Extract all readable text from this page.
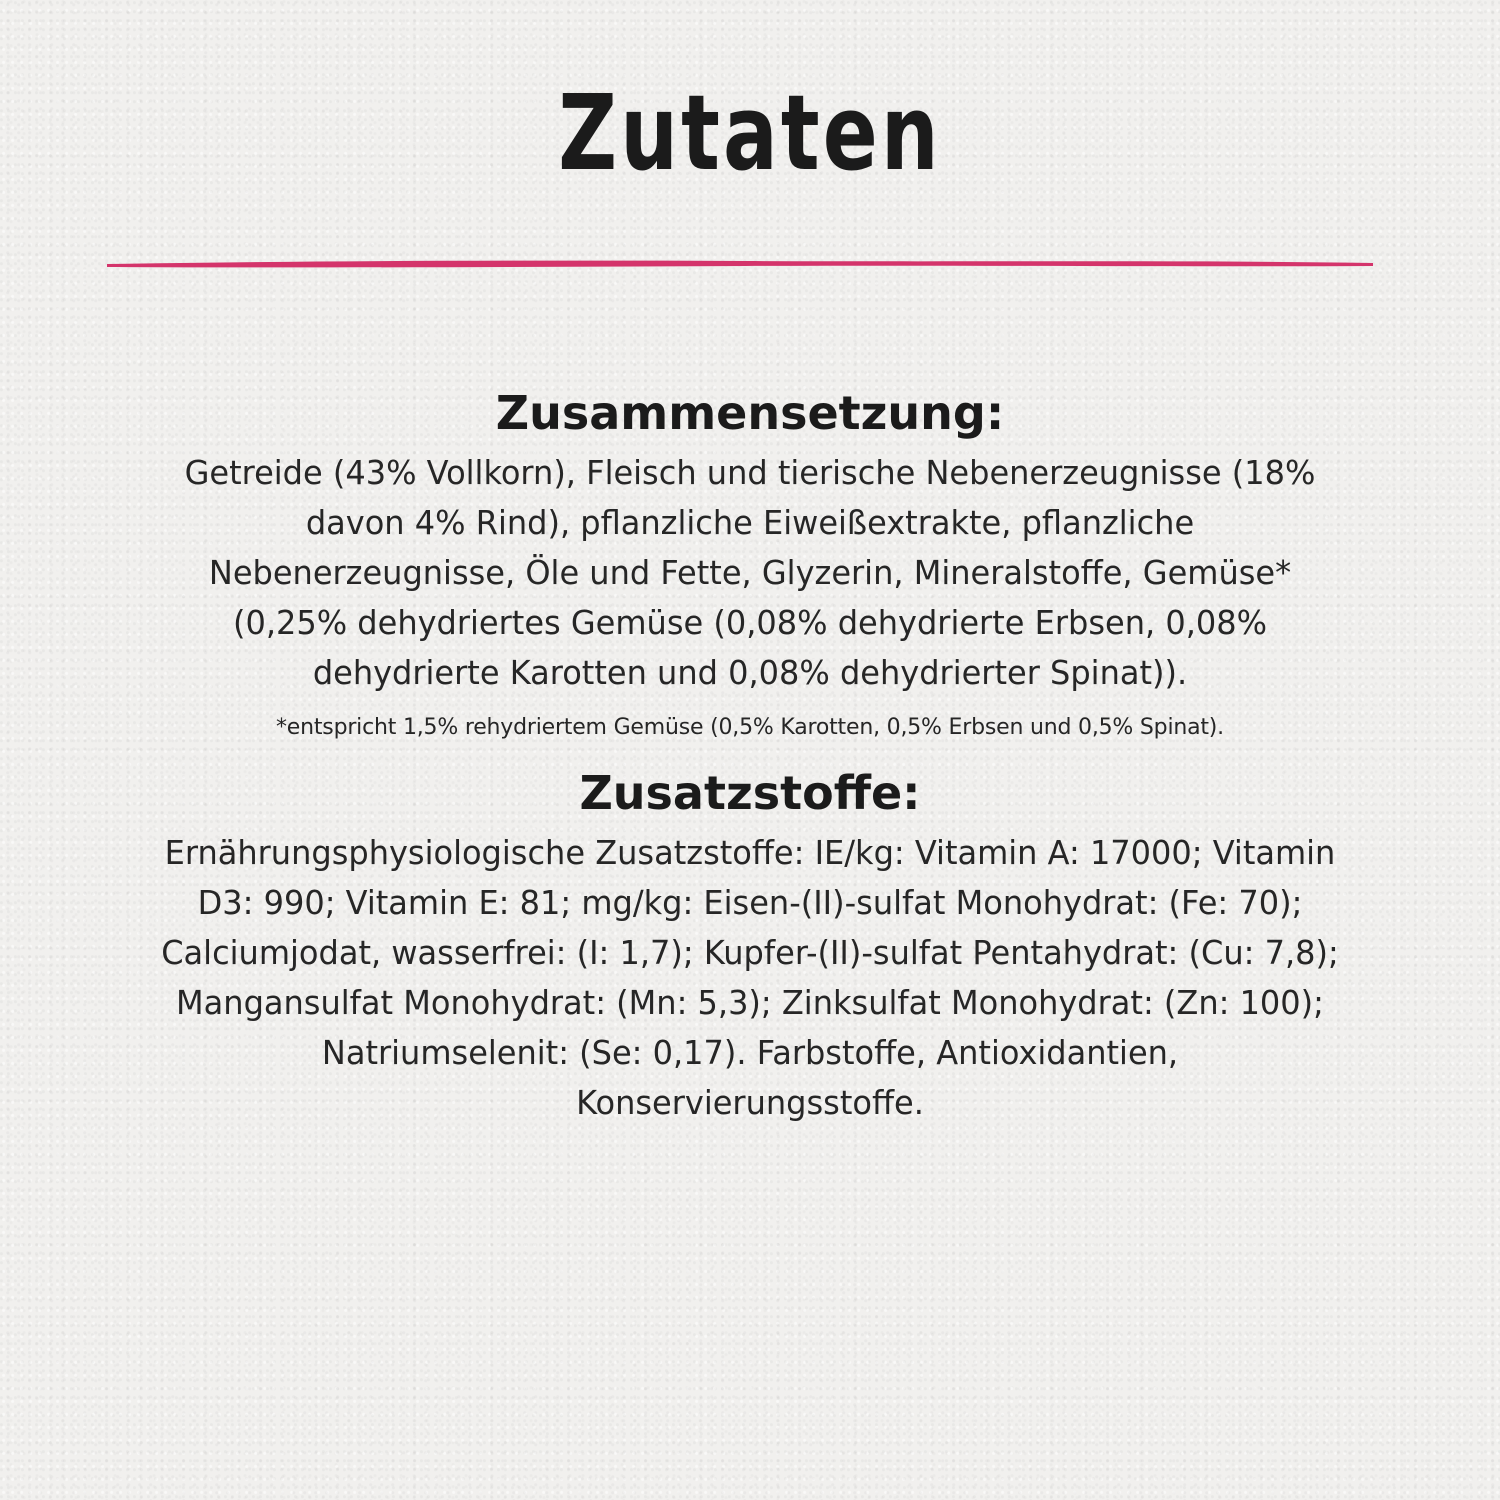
Zutaten
Zusammensetzung:

Getreide (43% Vollkorn), Fleisch und tierische Nebenerzeugnisse (18% davon 4% Rind), pflanzliche Eiweißextrakte, pflanzliche Nebenerzeugnisse, Öle und Fette, Glyzerin, Mineralstoffe, Gemüse* (0,25% dehydriertes Gemüse (0,08% dehydrierte Erbsen, 0,08% dehydrierte Karotten und 0,08% dehydrierter Spinat)).

*entspricht 1,5% rehydriertem Gemüse (0,5% Karotten, 0,5% Erbsen und 0,5% Spinat).

Zusatzstoffe:

Ernährungsphysiologische Zusatzstoffe: IE/kg: Vitamin A: 17000; Vitamin D3: 990; Vitamin E: 81; mg/kg: Eisen-(II)-sulfat Monohydrat: (Fe: 70); Calciumjodat, wasserfrei: (I: 1,7); Kupfer-(II)-sulfat Pentahydrat: (Cu: 7,8); Mangansulfat Monohydrat: (Mn: 5,3); Zinksulfat Monohydrat: (Zn: 100); Natriumselenit: (Se: 0,17). Farbstoffe, Antioxidantien, Konservierungsstoffe.
